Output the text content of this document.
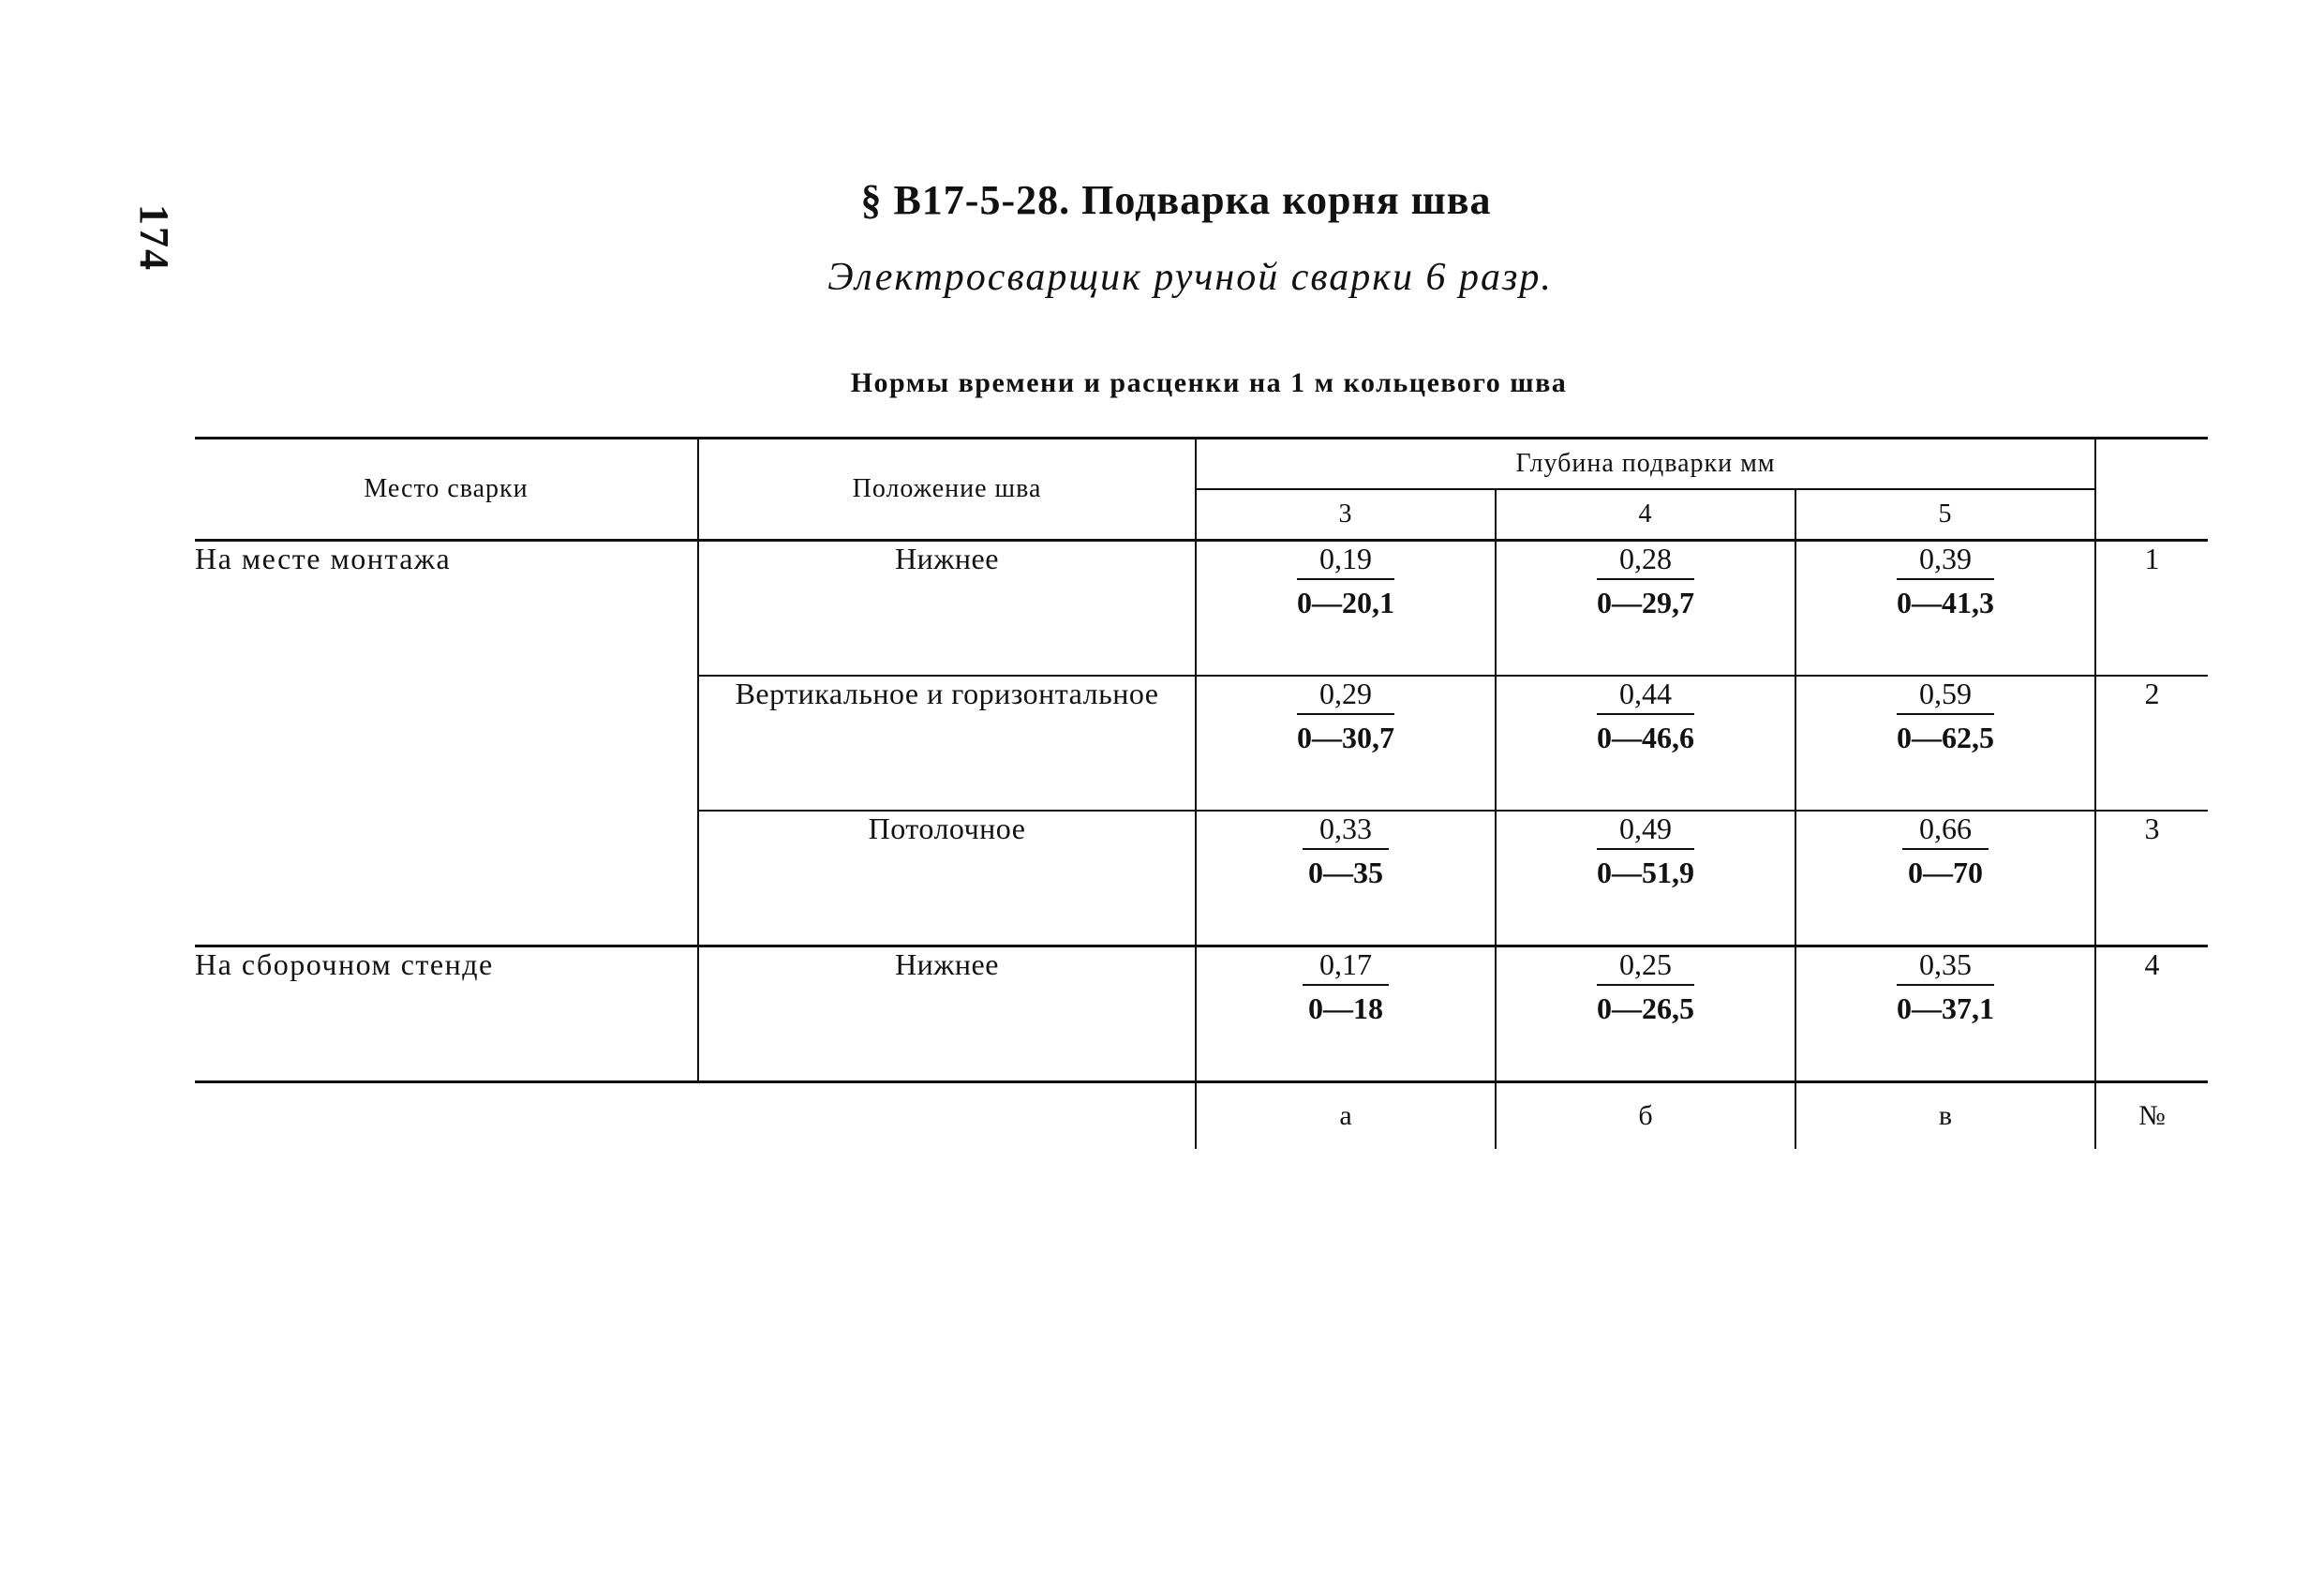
174
§ В17-5-28. Подварка корня шва
Электросварщик ручной сварки 6 разр.
Нормы времени и расценки на 1 м кольцевого шва
Место сварки	Положение шва	Глубина подварки мм			
		3	4	5	
На месте монтажа	Нижнее	$\frac{0,19}{0—20,1}$	$\frac{0,28}{0—29,7}$	$\frac{0,39}{0—41,3}$	1
	Вертикальное и горизонтальное	$\frac{0,29}{0—30,7}$	$\frac{0,44}{0—46,6}$	$\frac{0,59}{0—62,5}$	2
	Потолочное	$\frac{0,33}{0—35}$	$\frac{0,49}{0—51,9}$	$\frac{0,66}{0—70}$	3
На сборочном стенде	Нижнее	$\frac{0,17}{0—18}$	$\frac{0,25}{0—26,5}$	$\frac{0,35}{0—37,1}$	4
		а	б	в	№
